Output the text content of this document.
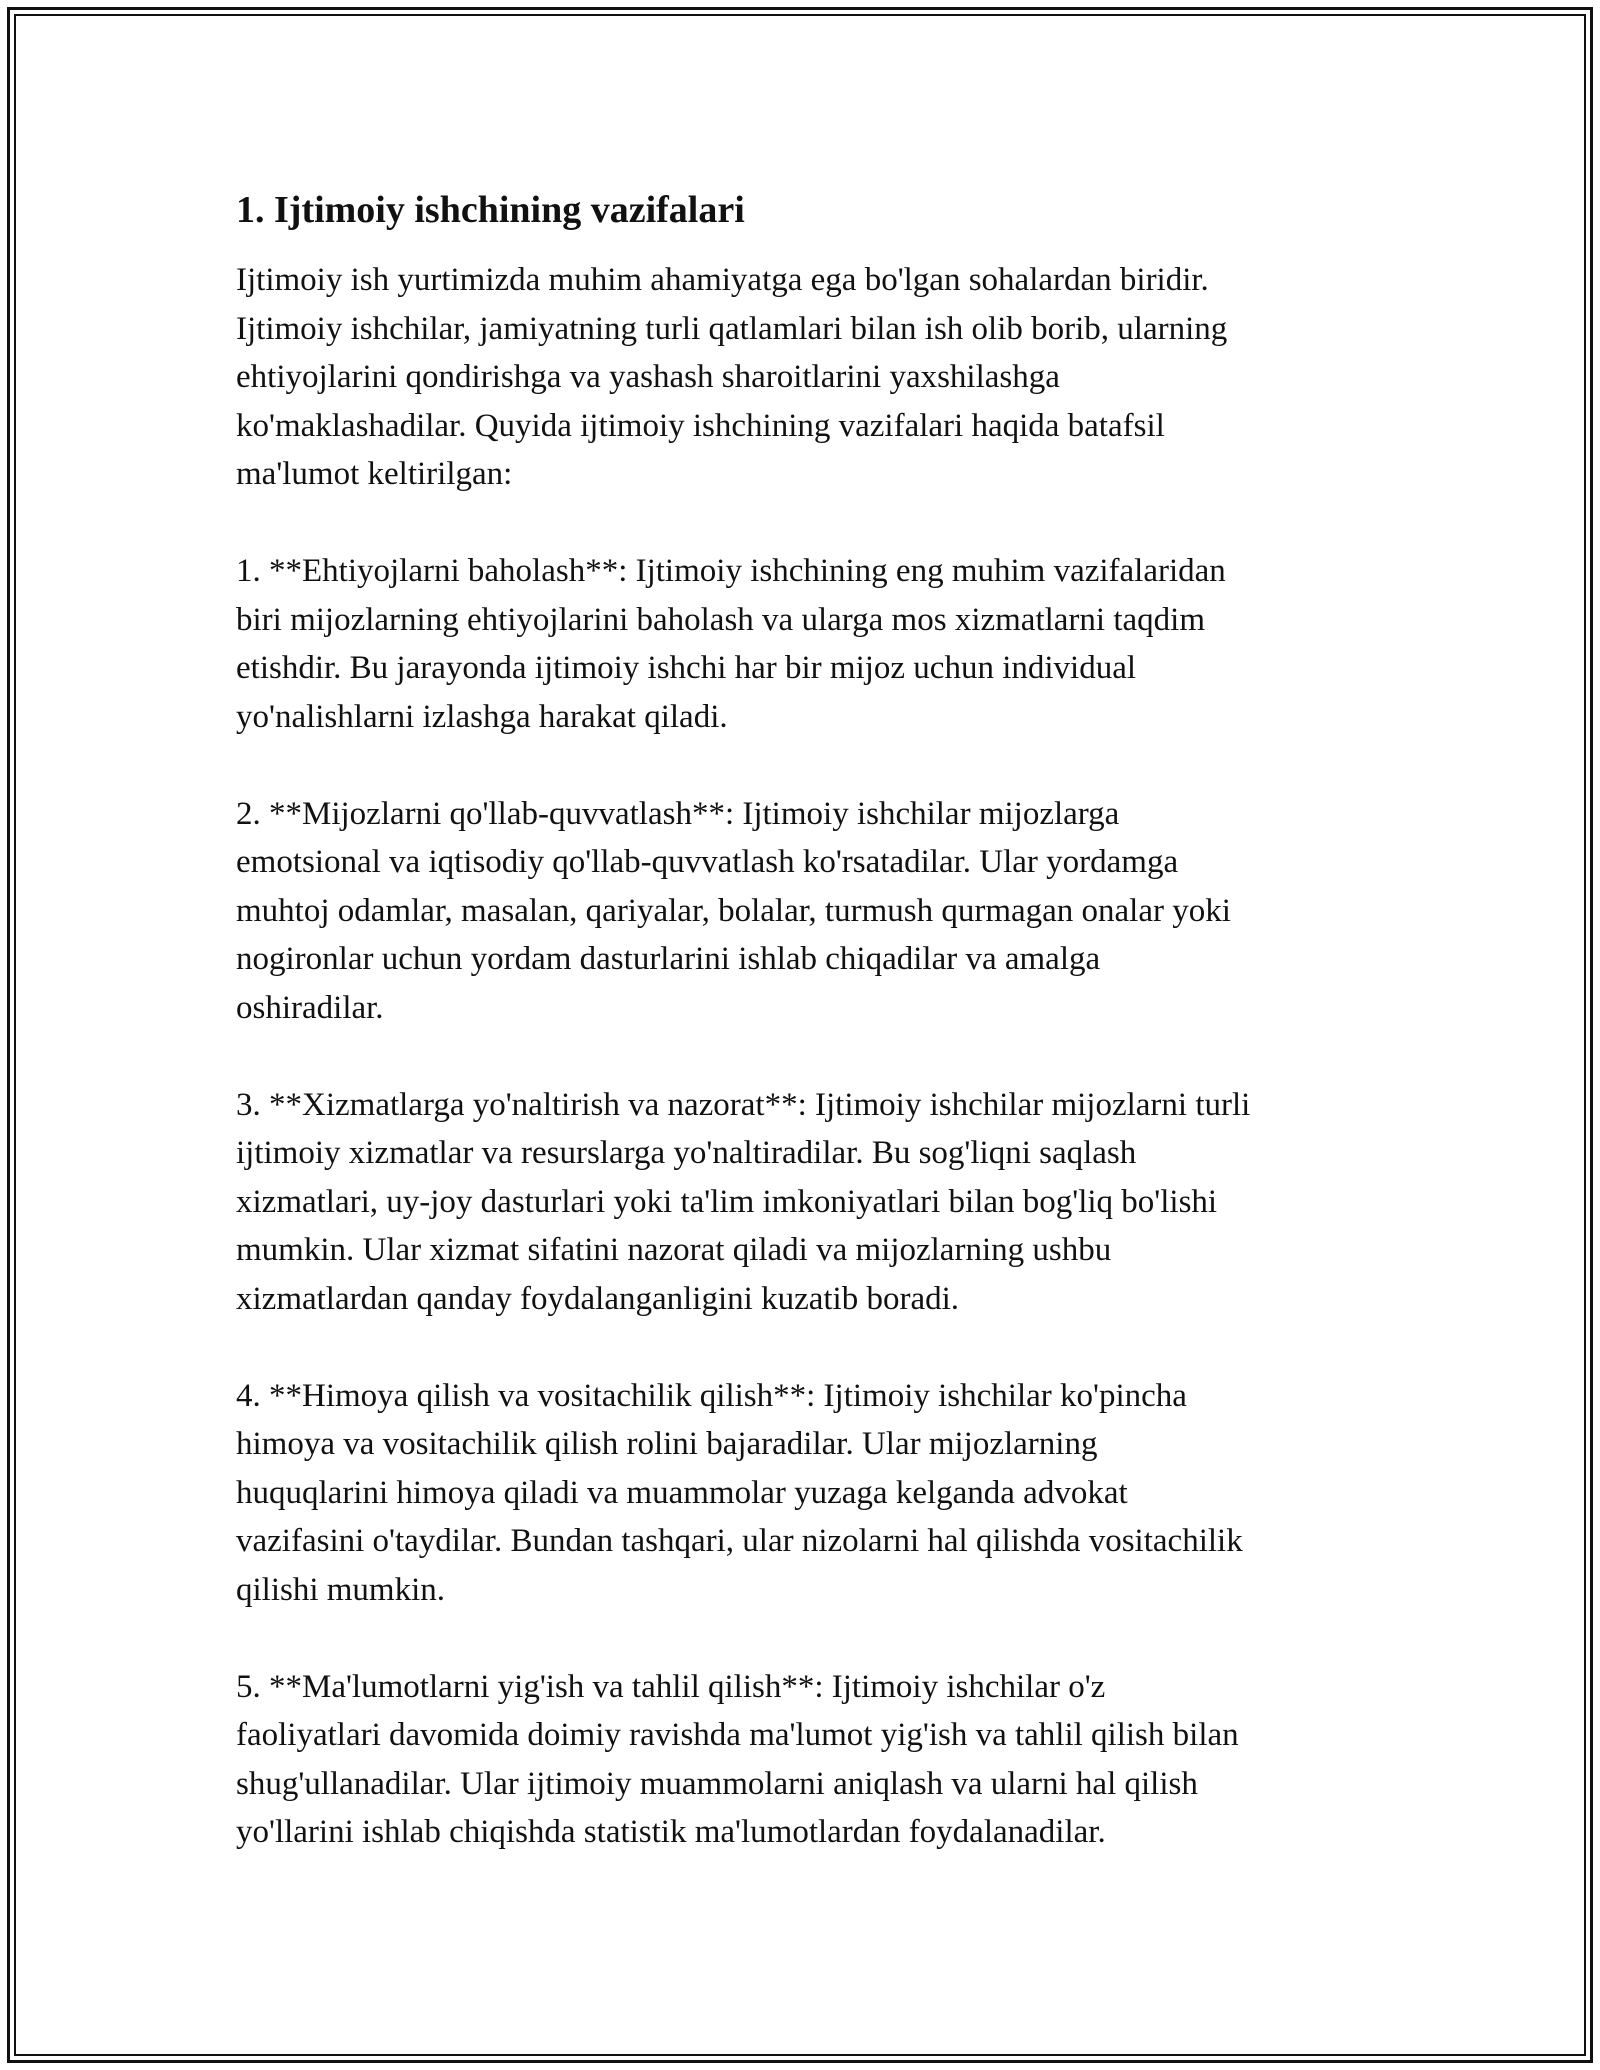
1. Ijtimoiy ishchining vazifalari

Ijtimoiy ish yurtimizda muhim ahamiyatga ega bo'lgan sohalardan biridir.
Ijtimoiy ishchilar, jamiyatning turli qatlamlari bilan ish olib borib, ularning
ehtiyojlarini qondirishga va yashash sharoitlarini yaxshilashga
ko'maklashadilar. Quyida ijtimoiy ishchining vazifalari haqida batafsil
ma'lumot keltirilgan:

1. **Ehtiyojlarni baholash**: Ijtimoiy ishchining eng muhim vazifalaridan
biri mijozlarning ehtiyojlarini baholash va ularga mos xizmatlarni taqdim
etishdir. Bu jarayonda ijtimoiy ishchi har bir mijoz uchun individual
yo'nalishlarni izlashga harakat qiladi.

2. **Mijozlarni qo'llab-quvvatlash**: Ijtimoiy ishchilar mijozlarga
emotsional va iqtisodiy qo'llab-quvvatlash ko'rsatadilar. Ular yordamga
muhtoj odamlar, masalan, qariyalar, bolalar, turmush qurmagan onalar yoki
nogironlar uchun yordam dasturlarini ishlab chiqadilar va amalga
oshiradilar.

3. **Xizmatlarga yo'naltirish va nazorat**: Ijtimoiy ishchilar mijozlarni turli
ijtimoiy xizmatlar va resurslarga yo'naltiradilar. Bu sog'liqni saqlash
xizmatlari, uy-joy dasturlari yoki ta'lim imkoniyatlari bilan bog'liq bo'lishi
mumkin. Ular xizmat sifatini nazorat qiladi va mijozlarning ushbu
xizmatlardan qanday foydalanganligini kuzatib boradi.

4. **Himoya qilish va vositachilik qilish**: Ijtimoiy ishchilar ko'pincha
himoya va vositachilik qilish rolini bajaradilar. Ular mijozlarning
huquqlarini himoya qiladi va muammolar yuzaga kelganda advokat
vazifasini o'taydilar. Bundan tashqari, ular nizolarni hal qilishda vositachilik
qilishi mumkin.

5. **Ma'lumotlarni yig'ish va tahlil qilish**: Ijtimoiy ishchilar o'z
faoliyatlari davomida doimiy ravishda ma'lumot yig'ish va tahlil qilish bilan
shug'ullanadilar. Ular ijtimoiy muammolarni aniqlash va ularni hal qilish
yo'llarini ishlab chiqishda statistik ma'lumotlardan foydalanadilar.
